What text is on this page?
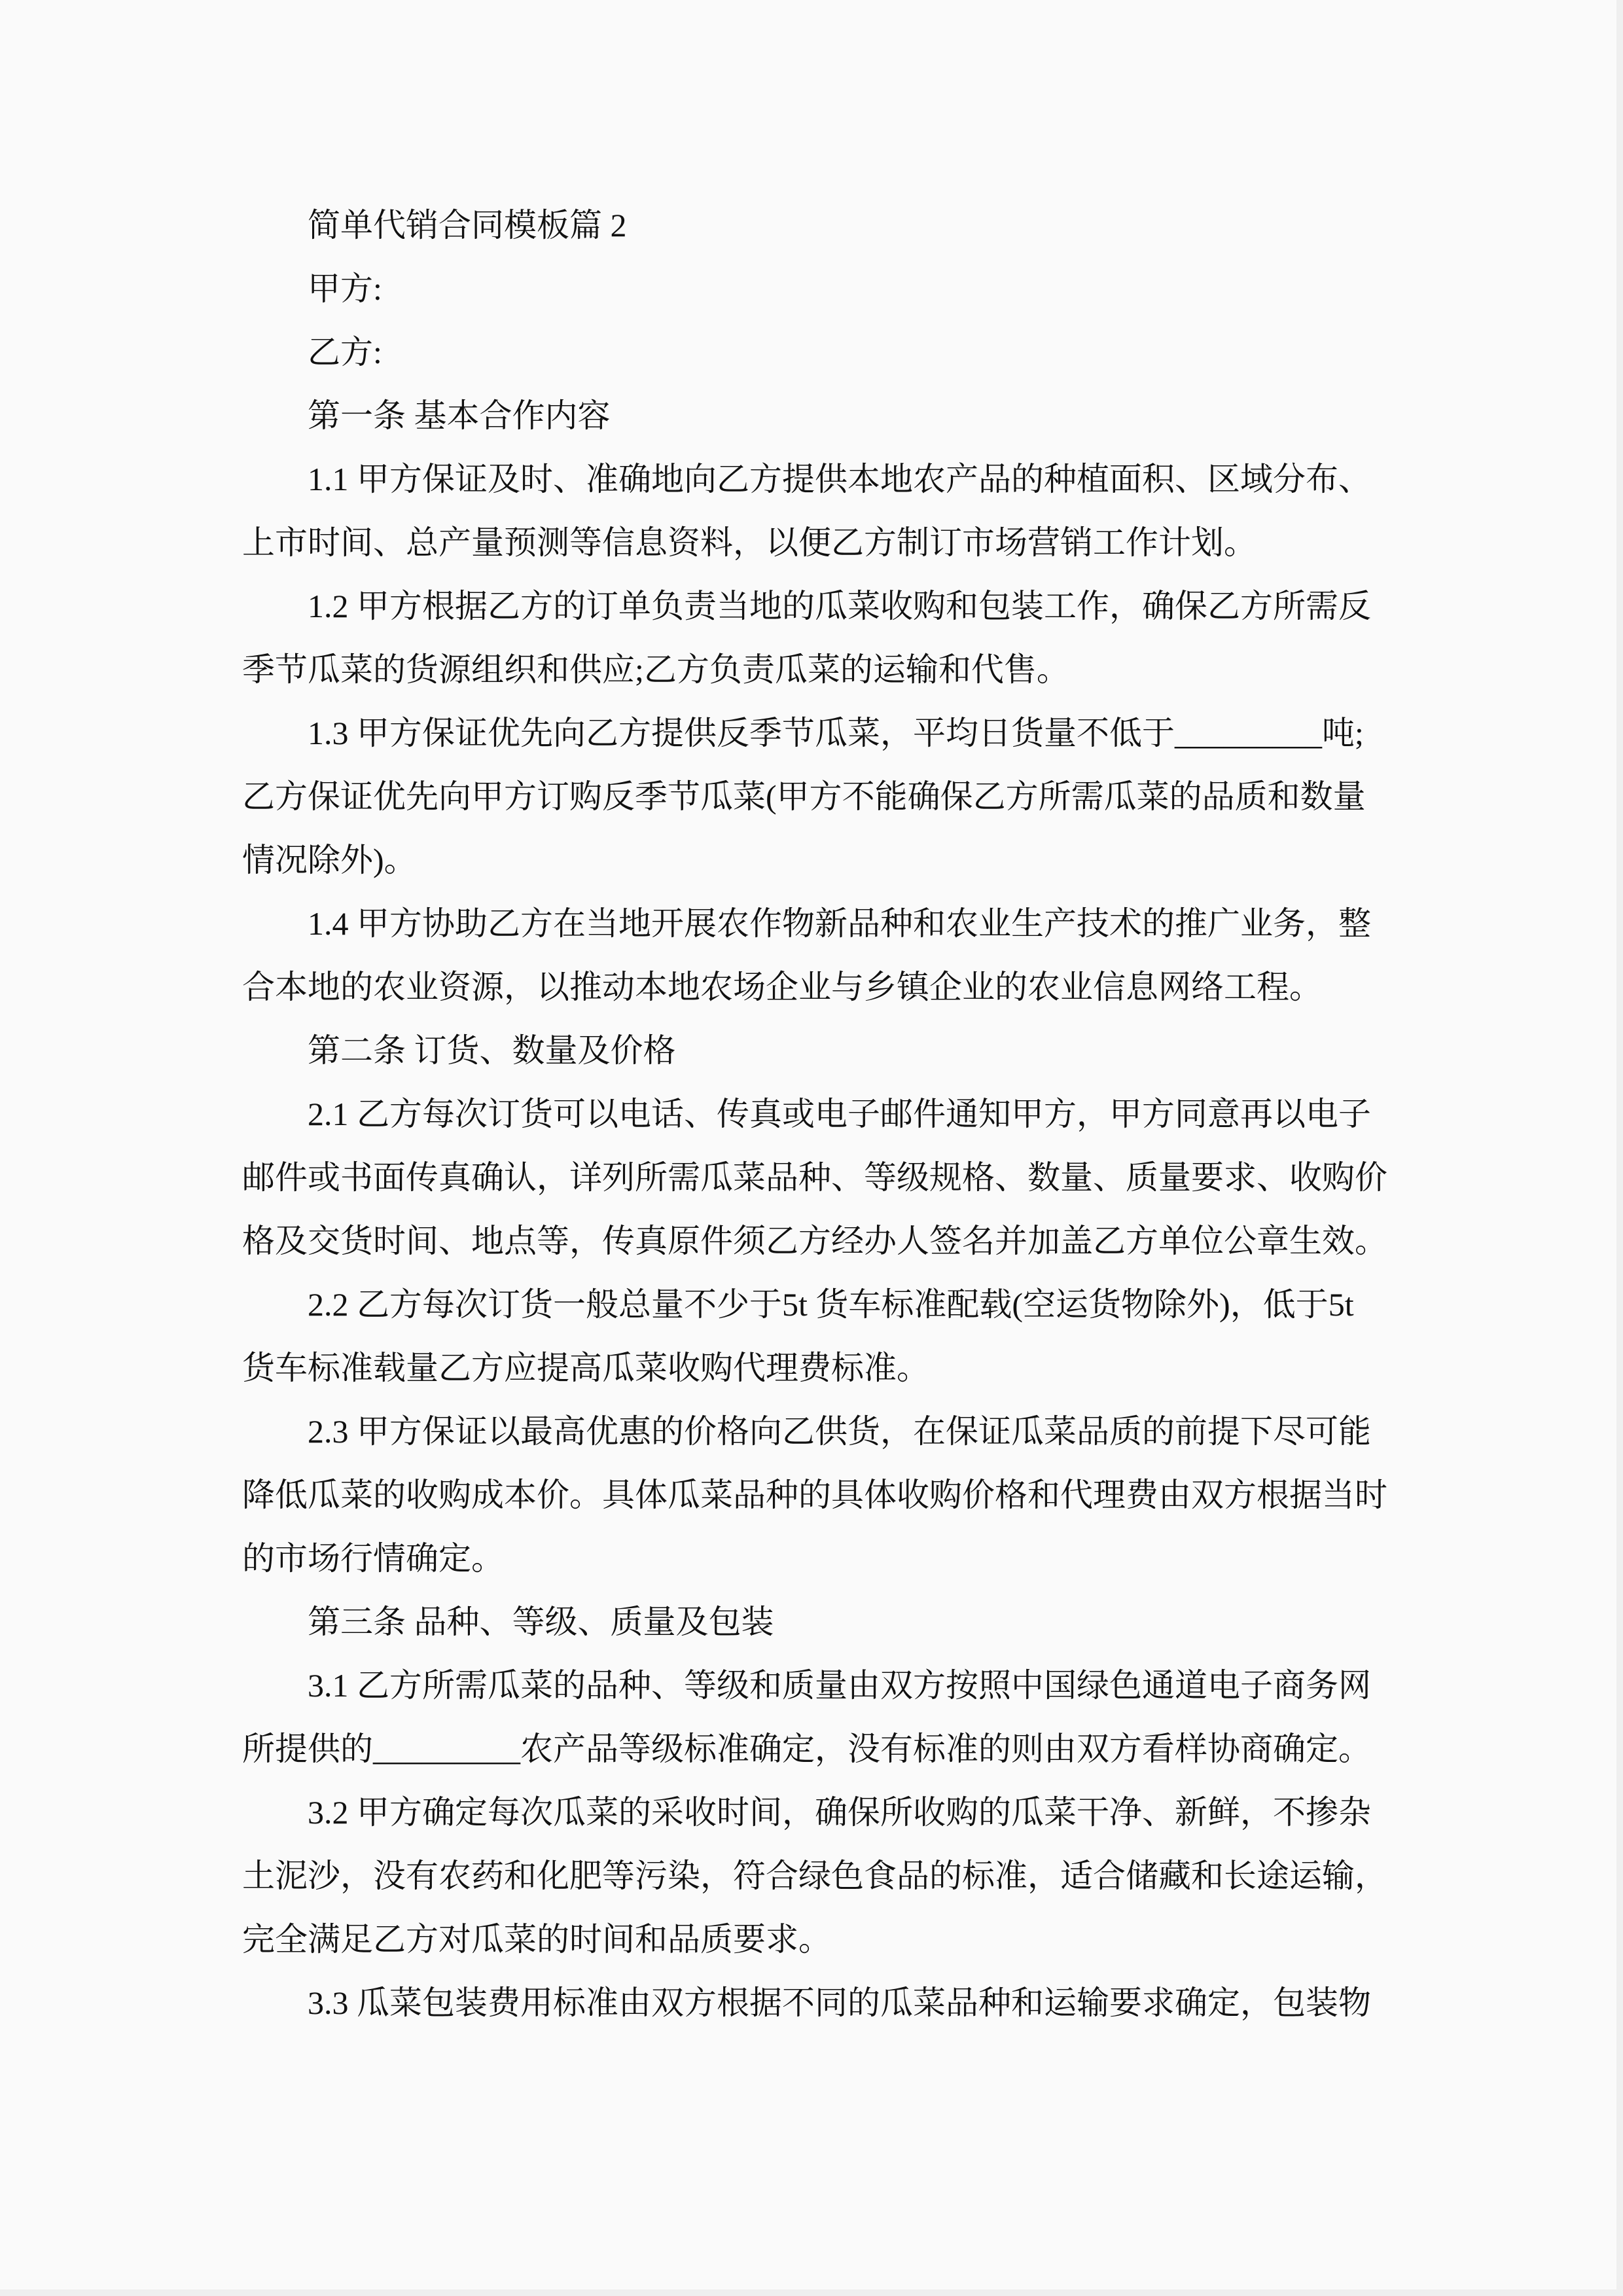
简单代销合同模板篇 2
甲方:
乙方:
第一条 基本合作内容
1.1 甲方保证及时、准确地向乙方提供本地农产品的种植面积、区域分布、
上市时间、总产量预测等信息资料，以便乙方制订市场营销工作计划。
1.2 甲方根据乙方的订单负责当地的瓜菜收购和包装工作，确保乙方所需反
季节瓜菜的货源组织和供应;乙方负责瓜菜的运输和代售。
1.3 甲方保证优先向乙方提供反季节瓜菜，平均日货量不低于_________吨;
乙方保证优先向甲方订购反季节瓜菜(甲方不能确保乙方所需瓜菜的品质和数量
情况除外)。
1.4 甲方协助乙方在当地开展农作物新品种和农业生产技术的推广业务，整
合本地的农业资源，以推动本地农场企业与乡镇企业的农业信息网络工程。
第二条 订货、数量及价格
2.1 乙方每次订货可以电话、传真或电子邮件通知甲方，甲方同意再以电子
邮件或书面传真确认，详列所需瓜菜品种、等级规格、数量、质量要求、收购价
格及交货时间、地点等，传真原件须乙方经办人签名并加盖乙方单位公章生效。
2.2 乙方每次订货一般总量不少于5t 货车标准配载(空运货物除外)，低于5t
货车标准载量乙方应提高瓜菜收购代理费标准。
2.3 甲方保证以最高优惠的价格向乙供货，在保证瓜菜品质的前提下尽可能
降低瓜菜的收购成本价。具体瓜菜品种的具体收购价格和代理费由双方根据当时
的市场行情确定。
第三条 品种、等级、质量及包装
3.1 乙方所需瓜菜的品种、等级和质量由双方按照中国绿色通道电子商务网
所提供的_________农产品等级标准确定，没有标准的则由双方看样协商确定。
3.2 甲方确定每次瓜菜的采收时间，确保所收购的瓜菜干净、新鲜，不掺杂
土泥沙，没有农药和化肥等污染，符合绿色食品的标准，适合储藏和长途运输，
完全满足乙方对瓜菜的时间和品质要求。
3.3 瓜菜包装费用标准由双方根据不同的瓜菜品种和运输要求确定，包装物
